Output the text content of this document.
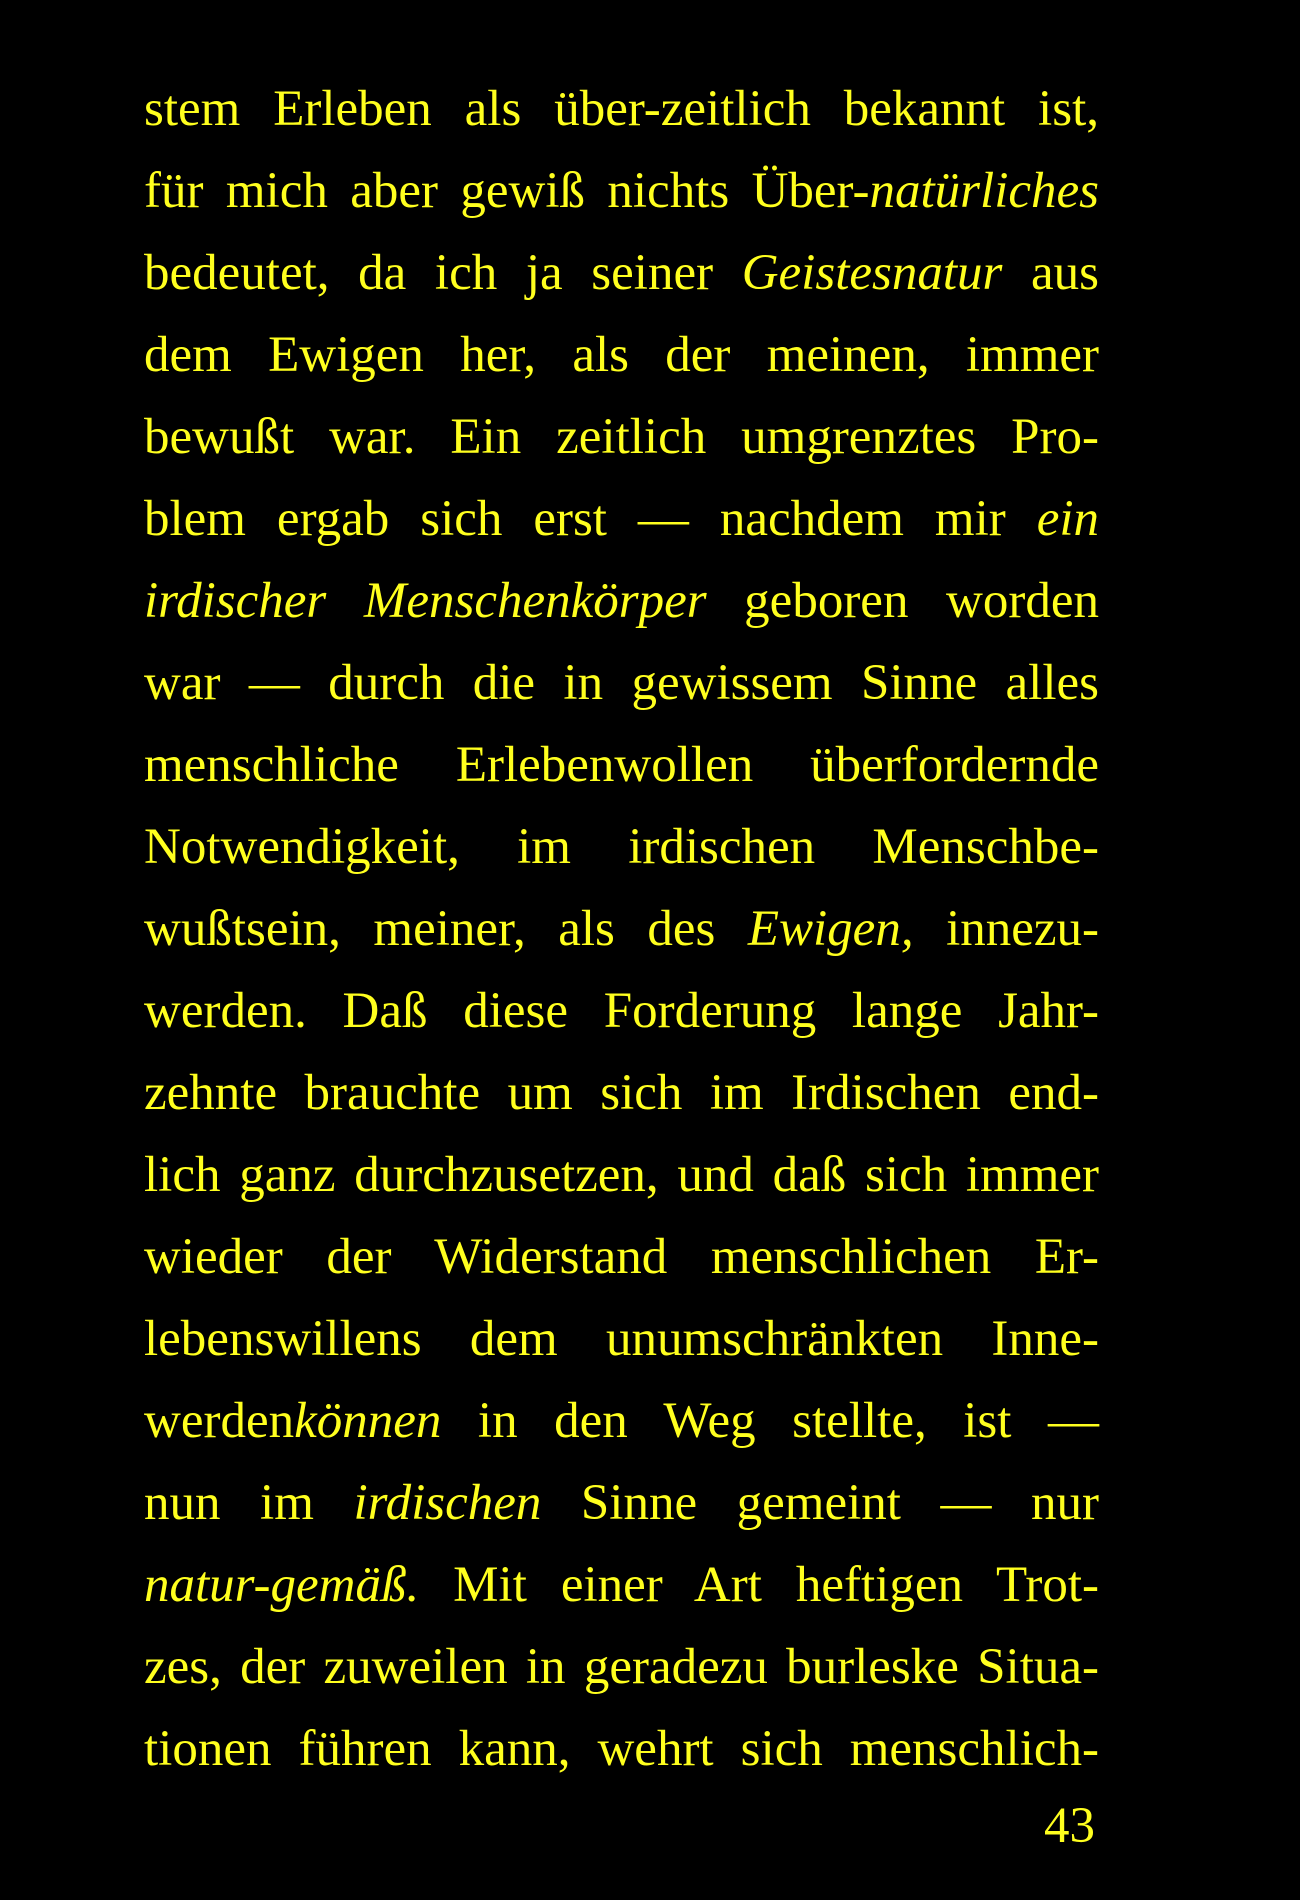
stem Erleben als über-zeitlich bekannt ist,
für mich aber gewiß nichts Über-natürliches
bedeutet, da ich ja seiner Geistesnatur aus
dem Ewigen her, als der meinen, immer
bewußt war. Ein zeitlich umgrenztes Pro-
blem ergab sich erst — nachdem mir ein
irdischer Menschenkörper geboren worden
war — durch die in gewissem Sinne alles
menschliche Erlebenwollen überfordernde
Notwendigkeit, im irdischen Menschbe-
wußtsein, meiner, als des Ewigen, innezu-
werden. Daß diese Forderung lange Jahr-
zehnte brauchte um sich im Irdischen end-
lich ganz durchzusetzen, und daß sich immer
wieder der Widerstand menschlichen Er-
lebenswillens dem unumschränkten Inne-
werdenkönnen in den Weg stellte, ist —
nun im irdischen Sinne gemeint — nur
natur-gemäß. Mit einer Art heftigen Trot-
zes, der zuweilen in geradezu burleske Situa-
tionen führen kann, wehrt sich menschlich-
43
